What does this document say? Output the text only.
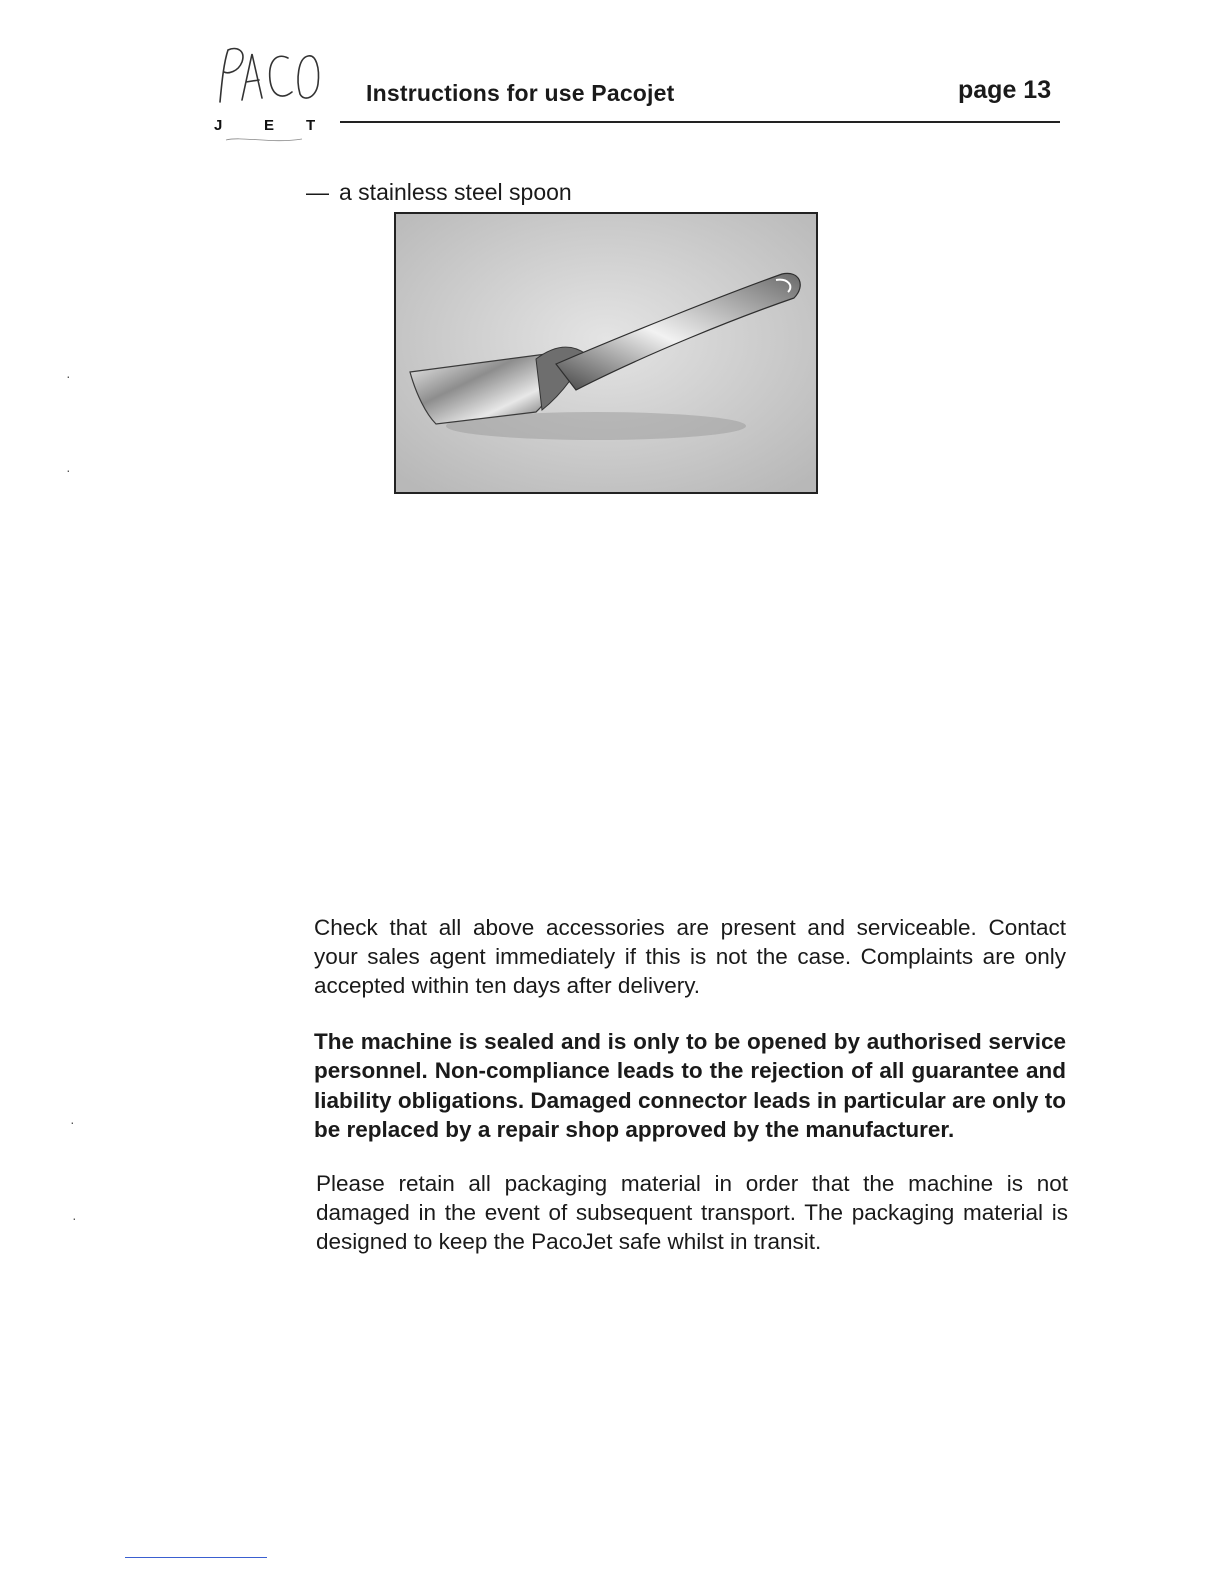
J	E T
Instructions for use Pacojet	page 13
— a stainless steel spoon

Check that all above accessories are present and serviceable. Contact your sales agent immediately if this is not the case. Complaints are only accepted within ten days after delivery.

The machine is sealed and is only to be opened by authorised service personnel. Non-compliance leads to the rejection of all guarantee and liability obligations. Damaged connector leads in particular are only to be replaced by a repair shop approved by the manufacturer.

Please retain all packaging material in order that the machine is not damaged in the event of subsequent transport. The packaging material is designed to keep the PacoJet safe whilst in transit.

·
·
·
·
